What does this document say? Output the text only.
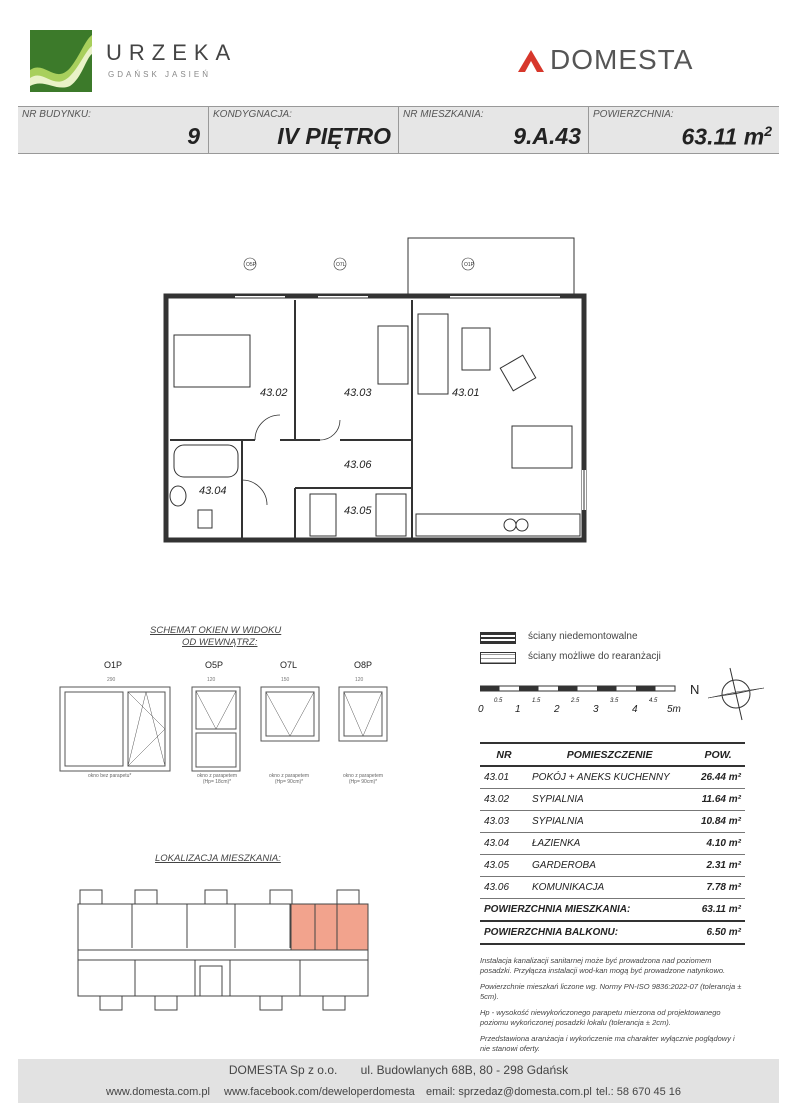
URZEKA
GDAŃSK JASIEŃ	DOMESTA
NR BUDYNKU:
9
KONDYGNACJA:
IV PIĘTRO
NR MIESZKANIA:
9.A.43
POWIERZCHNIA:
63.11 $m^2$
O5P	O7L	O1P
43.02	43.03	43.01
43.06
43.04
43.05
SCHEMAT OKIEN W WIDOKU
OD WEWNĄTRZ:
O1P	O5P	O7L	O8P
290	120	150	120
okno bez parapetu*	okno z parapetem
(Hp= 18cm)*
okno z parapetem
(Hp= 90cm)*
okno z parapetem
(Hp= 90cm)*
ściany niedemontowalne
ściany możliwe do rearanżacji
0	1	2	3	4	5m
0.5	1.5	2.5	3.5	4.5
N
NR	POMIESZCZENIE	POW.
43.01	POKÓJ + ANEKS KUCHENNY	26.44 m²
43.02	SYPIALNIA	11.64 m²
43.03	SYPIALNIA	10.84 m²
43.04	ŁAZIENKA	4.10 m²
43.05	GARDEROBA	2.31 m²
43.06	KOMUNIKACJA	7.78 m²
POWIERZCHNIA MIESZKANIA:		63.11 m²
POWIERZCHNIA BALKONU:		6.50 m²
Instalacja kanalizacji sanitarnej może być prowadzona nad poziomem posadzki. Przyłącza instalacji wod-kan mogą być prowadzone natynkowo.
Powierzchnie mieszkań liczone wg. Normy PN-ISO 9836:2022-07 (tolerancja ± 5cm).
Hp - wysokość niewykończonego parapetu mierzona od projektowanego poziomu wykończonej posadzki lokalu (tolerancja ± 2cm).
Przedstawiona aranżacja i wykończenie ma charakter wyłącznie poglądowy i nie stanowi oferty.
LOKALIZACJA MIESZKANIA:
DOMESTA Sp z o.o. ul. Budowlanych 68B, 80 - 298 Gdańsk
www.domesta.com.pl www.facebook.com/deweloperdomesta email: sprzedaz@domesta.com.pl tel.: 58 670 45 16
